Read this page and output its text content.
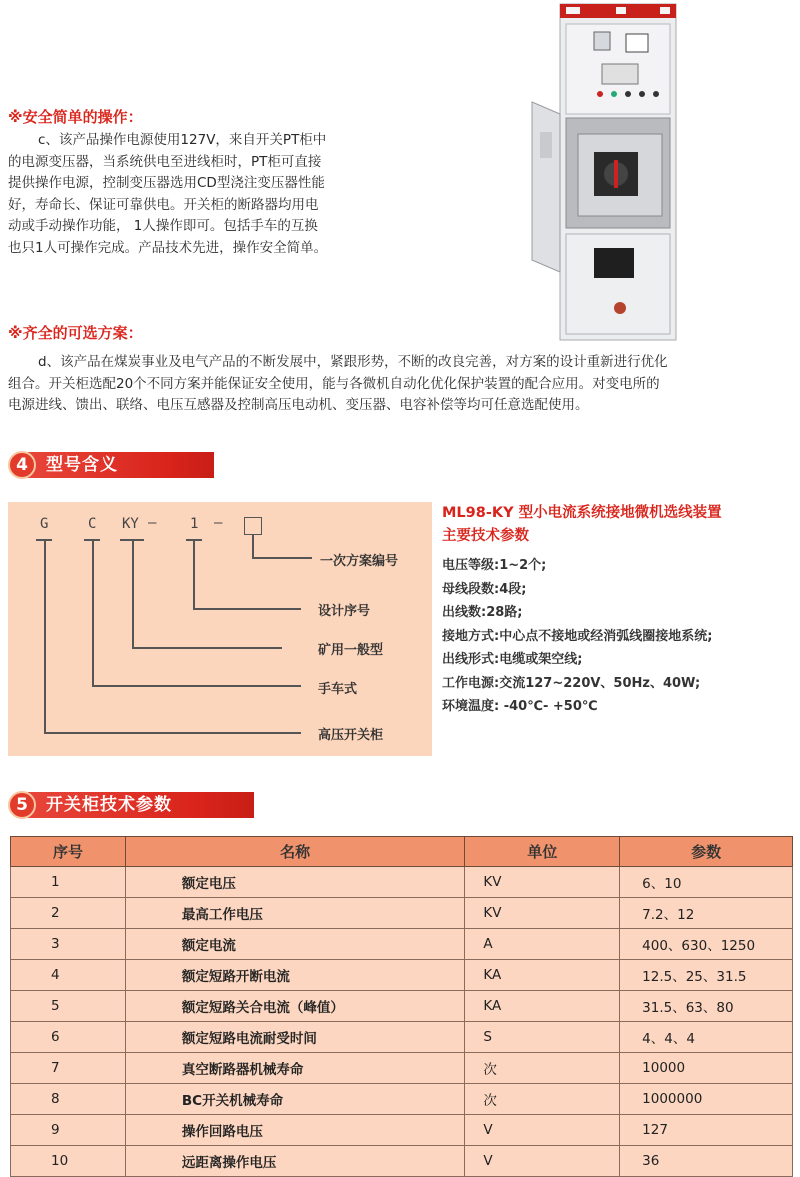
※安全简单的操作：
c、该产品操作电源使用127V，来自开关PT柜中
的电源变压器，当系统供电至进线柜时，PT柜可直接
提供操作电源，控制变压器选用CD型浇注变压器性能
好，寿命长、保证可靠供电。开关柜的断路器均用电
动或手动操作功能， 1人操作即可。包括手车的互换
也只1人可操作完成。产品技术先进，操作安全简单。
※齐全的可选方案：
d、该产品在煤炭事业及电气产品的不断发展中，紧跟形势，不断的改良完善，对方案的设计重新进行优化
组合。开关柜选配20个不同方案并能保证安全使用，能与各微机自动化优化保护装置的配合应用。对变电所的
电源进线、馈出、联络、电压互感器及控制高压电动机、变压器、电容补偿等均可任意选配使用。
4	型号含义
G	C KY — 1 —
一次方案编号
设计序号
矿用一般型
手车式
高压开关柜
ML98-KY 型小电流系统接地微机选线装置
主要技术参数
电压等级:1~2个;
母线段数:4段;
出线数:28路;
接地方式:中心点不接地或经消弧线圈接地系统;
出线形式:电缆或架空线;
工作电源:交流127~220V、50Hz、40W;
环境温度: -40℃- +50℃
5	开关柜技术参数
序号	名称	单位	参数
1	额定电压	KV	6、10
2	最高工作电压	KV	7.2、12
3	额定电流	A	400、630、1250
4	额定短路开断电流	KA	12.5、25、31.5
5	额定短路关合电流（峰值）	KA	31.5、63、80
6	额定短路电流耐受时间	S	4、4、4
7	真空断路器机械寿命	次	10000
8	BC开关机械寿命	次	1000000
9	操作回路电压	V	127
10	远距离操作电压	V	36
